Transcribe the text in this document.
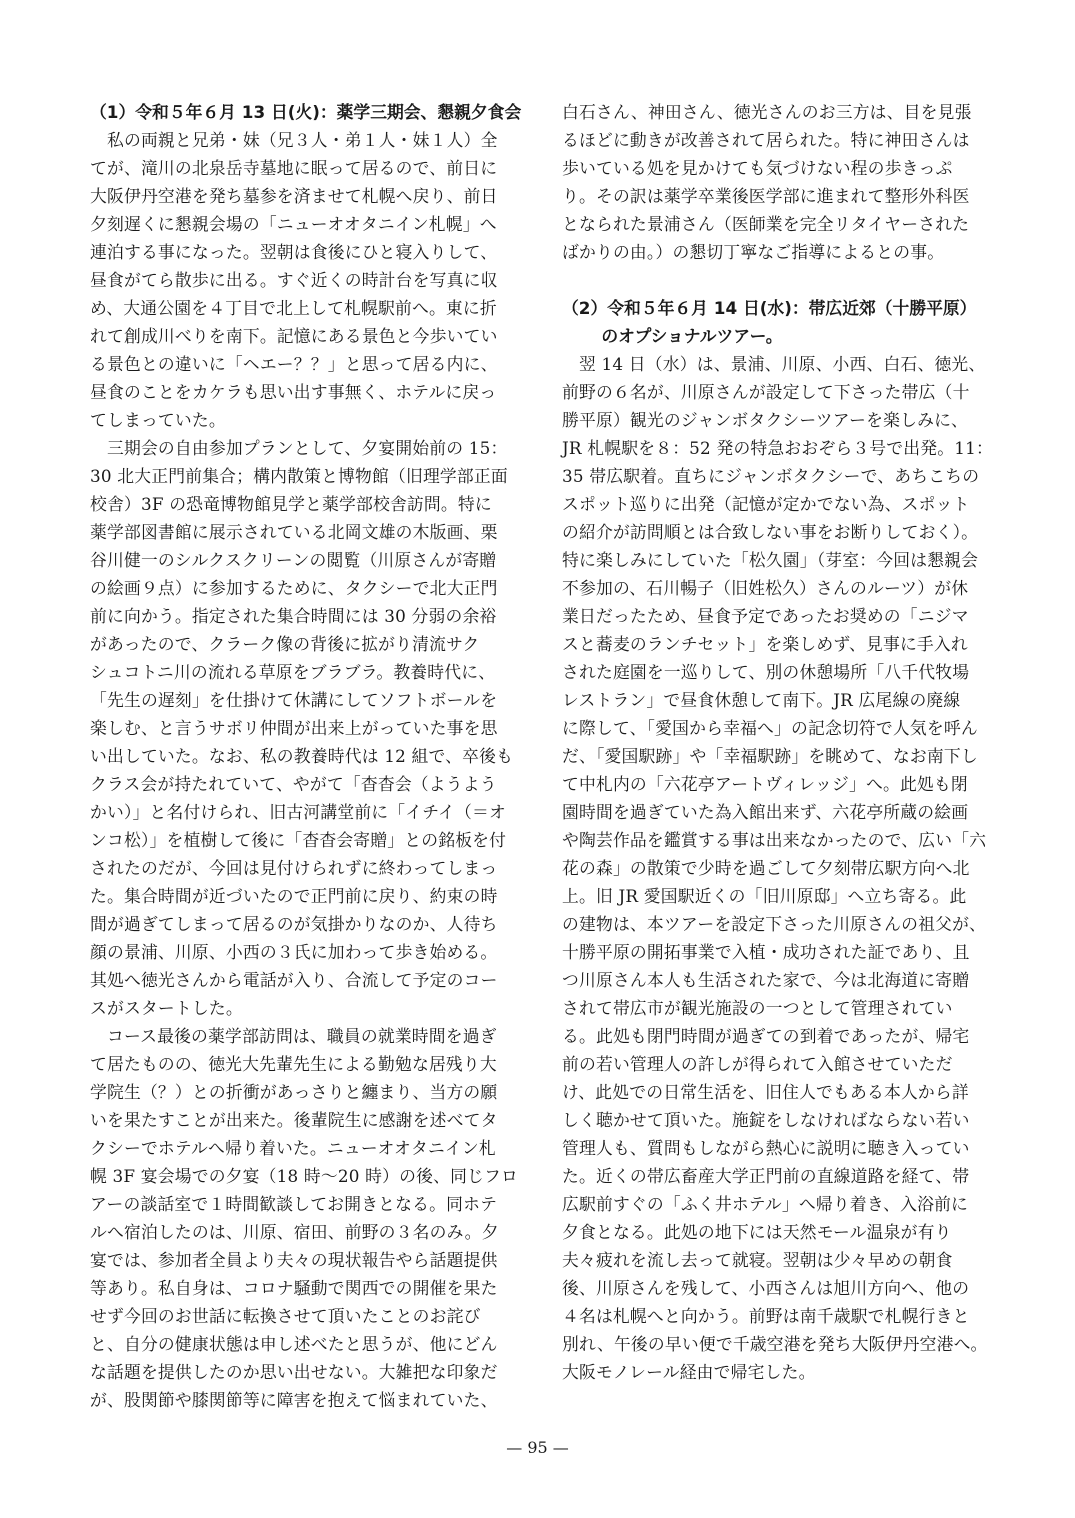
（1）令和５年６月 13 日(火)：薬学三期会、懇親夕食会
　私の両親と兄弟・妹（兄３人・弟１人・妹１人）全
てが、滝川の北泉岳寺墓地に眠って居るので、前日に
大阪伊丹空港を発ち墓参を済ませて札幌へ戻り、前日
夕刻遅くに懇親会場の「ニューオオタニイン札幌」へ
連泊する事になった。翌朝は食後にひと寝入りして、
昼食がてら散歩に出る。すぐ近くの時計台を写真に収
め、大通公園を４丁目で北上して札幌駅前へ。東に折
れて創成川べりを南下。記憶にある景色と今歩いてい
る景色との違いに「ヘエー？？」と思って居る内に、
昼食のことをカケラも思い出す事無く、ホテルに戻っ
てしまっていた。
　三期会の自由参加プランとして、夕宴開始前の 15：
30 北大正門前集合；構内散策と博物館（旧理学部正面
校舎）3F の恐竜博物館見学と薬学部校舎訪問。特に
薬学部図書館に展示されている北岡文雄の木版画、栗
谷川健一のシルクスクリーンの閲覧（川原さんが寄贈
の絵画９点）に参加するために、タクシーで北大正門
前に向かう。指定された集合時間には 30 分弱の余裕
があったので、クラーク像の背後に拡がり清流サク
シュコトニ川の流れる草原をブラブラ。教養時代に、
「先生の遅刻」を仕掛けて休講にしてソフトボールを
楽しむ、と言うサボリ仲間が出来上がっていた事を思
い出していた。なお、私の教養時代は 12 組で、卒後も
クラス会が持たれていて、やがて「杳杳会（ようよう
かい）」と名付けられ、旧古河講堂前に「イチイ（＝オ
ンコ松）」を植樹して後に「杳杳会寄贈」との銘板を付
されたのだが、今回は見付けられずに終わってしまっ
た。集合時間が近づいたので正門前に戻り、約束の時
間が過ぎてしまって居るのが気掛かりなのか、人待ち
顔の景浦、川原、小西の３氏に加わって歩き始める。
其処へ徳光さんから電話が入り、合流して予定のコー
スがスタートした。
　コース最後の薬学部訪問は、職員の就業時間を過ぎ
て居たものの、徳光大先輩先生による勤勉な居残り大
学院生（？）との折衝があっさりと纏まり、当方の願
いを果たすことが出来た。後輩院生に感謝を述べてタ
クシーでホテルへ帰り着いた。ニューオオタニイン札
幌 3F 宴会場での夕宴（18 時～20 時）の後、同じフロ
アーの談話室で１時間歓談してお開きとなる。同ホテ
ルへ宿泊したのは、川原、宿田、前野の３名のみ。夕
宴では、参加者全員より夫々の現状報告やら話題提供
等あり。私自身は、コロナ騒動で関西での開催を果た
せず今回のお世話に転換させて頂いたことのお詫び
と、自分の健康状態は申し述べたと思うが、他にどん
な話題を提供したのか思い出せない。大雑把な印象だ
が、股関節や膝関節等に障害を抱えて悩まれていた、
白石さん、神田さん、徳光さんのお三方は、目を見張
るほどに動きが改善されて居られた。特に神田さんは
歩いている処を見かけても気づけない程の歩きっぷ
り。その訳は薬学卒業後医学部に進まれて整形外科医
となられた景浦さん（医師業を完全リタイヤーされた
ばかりの由。）の懇切丁寧なご指導によるとの事。
（2）令和５年６月 14 日(水)：帯広近郊（十勝平原）
　　 のオプショナルツアー。
　翌 14 日（水）は、景浦、川原、小西、白石、徳光、
前野の６名が、川原さんが設定して下さった帯広（十
勝平原）観光のジャンボタクシーツアーを楽しみに、
JR 札幌駅を８：52 発の特急おおぞら３号で出発。11：
35 帯広駅着。直ちにジャンボタクシーで、あちこちの
スポット巡りに出発（記憶が定かでない為、スポット
の紹介が訪問順とは合致しない事をお断りしておく）。
特に楽しみにしていた「松久園」（芽室：今回は懇親会
不参加の、石川暢子（旧姓松久）さんのルーツ）が休
業日だったため、昼食予定であったお奨めの「ニジマ
スと蕎麦のランチセット」を楽しめず、見事に手入れ
された庭園を一巡りして、別の休憩場所「八千代牧場
レストラン」で昼食休憩して南下。JR 広尾線の廃線
に際して、「愛国から幸福へ」の記念切符で人気を呼ん
だ、「愛国駅跡」や「幸福駅跡」を眺めて、なお南下し
て中札内の「六花亭アートヴィレッジ」へ。此処も閉
園時間を過ぎていた為入館出来ず、六花亭所蔵の絵画
や陶芸作品を鑑賞する事は出来なかったので、広い「六
花の森」の散策で少時を過ごして夕刻帯広駅方向へ北
上。旧 JR 愛国駅近くの「旧川原邸」へ立ち寄る。此
の建物は、本ツアーを設定下さった川原さんの祖父が、
十勝平原の開拓事業で入植・成功された証であり、且
つ川原さん本人も生活された家で、今は北海道に寄贈
されて帯広市が観光施設の一つとして管理されてい
る。此処も閉門時間が過ぎての到着であったが、帰宅
前の若い管理人の許しが得られて入館させていただ
け、此処での日常生活を、旧住人でもある本人から詳
しく聴かせて頂いた。施錠をしなければならない若い
管理人も、質問もしながら熱心に説明に聴き入ってい
た。近くの帯広畜産大学正門前の直線道路を経て、帯
広駅前すぐの「ふく井ホテル」へ帰り着き、入浴前に
夕食となる。此処の地下には天然モール温泉が有り
夫々疲れを流し去って就寝。翌朝は少々早めの朝食
後、川原さんを残して、小西さんは旭川方向へ、他の
４名は札幌へと向かう。前野は南千歳駅で札幌行きと
別れ、午後の早い便で千歳空港を発ち大阪伊丹空港へ。
大阪モノレール経由で帰宅した。
— 95 —
